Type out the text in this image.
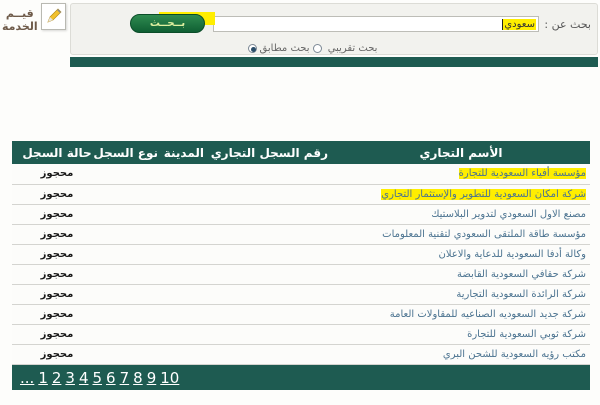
قيــم
الخدمة	بحث عن :
سعودي
بــحــث
بحث تقريبي بحث مطابق
الأسم التجاري	رقم السجل التجاري	المدينة	نوع السجل	حالة السجل
مؤسسة أفياء السعودية للتجارة				محجوز
شركة امكان السعودية للتطوير والإستثمار التجاري				محجوز
مصنع الاول السعودي لتدوير البلاستيك				محجوز
مؤسسة طاقة الملتقى السعودي لتقنية المعلومات				محجوز
وكالة أدفا السعودية للدعاية والاعلان				محجوز
شركة حقافي السعودية القابضة				محجوز
شركة الرائدة السعودية التجارية				محجوز
شركة جديد السعوديه الصناعيه للمقاولات العامة				محجوز
شركة ثوبي السعودية للتجارة				محجوز
مكتب رؤيه السعودية للشحن البري				محجوز
1 2 3 4 5 6 7 8 9 10...
